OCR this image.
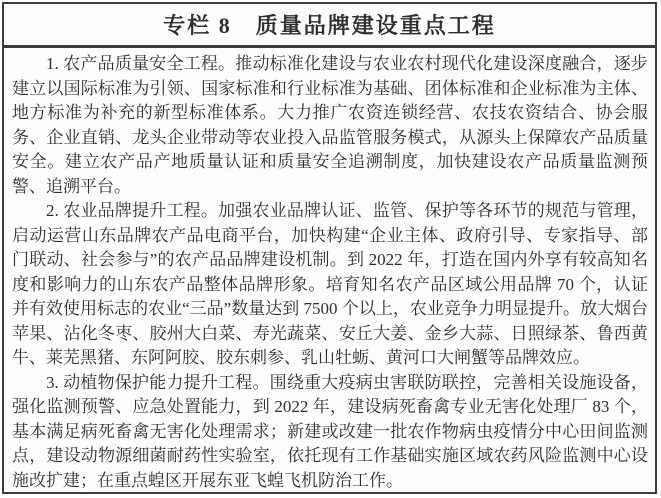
专栏 8　质量品牌建设重点工程

1. 农产品质量安全工程。推动标准化建设与农业农村现代化建设深度融合，逐步建立以国际标准为引领、国家标准和行业标准为基础、团体标准和企业标准为主体、地方标准为补充的新型标准体系。大力推广农资连锁经营、农技农资结合、协会服务、企业直销、龙头企业带动等农业投入品监管服务模式，从源头上保障农产品质量安全。建立农产品产地质量认证和质量安全追溯制度，加快建设农产品质量监测预警、追溯平台。

2. 农业品牌提升工程。加强农业品牌认证、监管、保护等各环节的规范与管理，启动运营山东品牌农产品电商平台，加快构建“企业主体、政府引导、专家指导、部门联动、社会参与”的农产品品牌建设机制。到 2022 年，打造在国内外享有较高知名度和影响力的山东农产品整体品牌形象。培育知名农产品区域公用品牌 70 个，认证并有效使用标志的农业“三品”数量达到 7500 个以上，农业竞争力明显提升。放大烟台苹果、沾化冬枣、胶州大白菜、寿光蔬菜、安丘大姜、金乡大蒜、日照绿茶、鲁西黄牛、莱芜黑猪、东阿阿胶、胶东刺参、乳山牡蛎、黄河口大闸蟹等品牌效应。

3. 动植物保护能力提升工程。围绕重大疫病虫害联防联控，完善相关设施设备，强化监测预警、应急处置能力，到 2022 年，建设病死畜禽专业无害化处理厂 83 个，基本满足病死畜禽无害化处理需求；新建或改建一批农作物病虫疫情分中心田间监测点，建设动物源细菌耐药性实验室，依托现有工作基础实施区域农药风险监测中心设施改扩建；在重点蝗区开展东亚飞蝗飞机防治工作。
